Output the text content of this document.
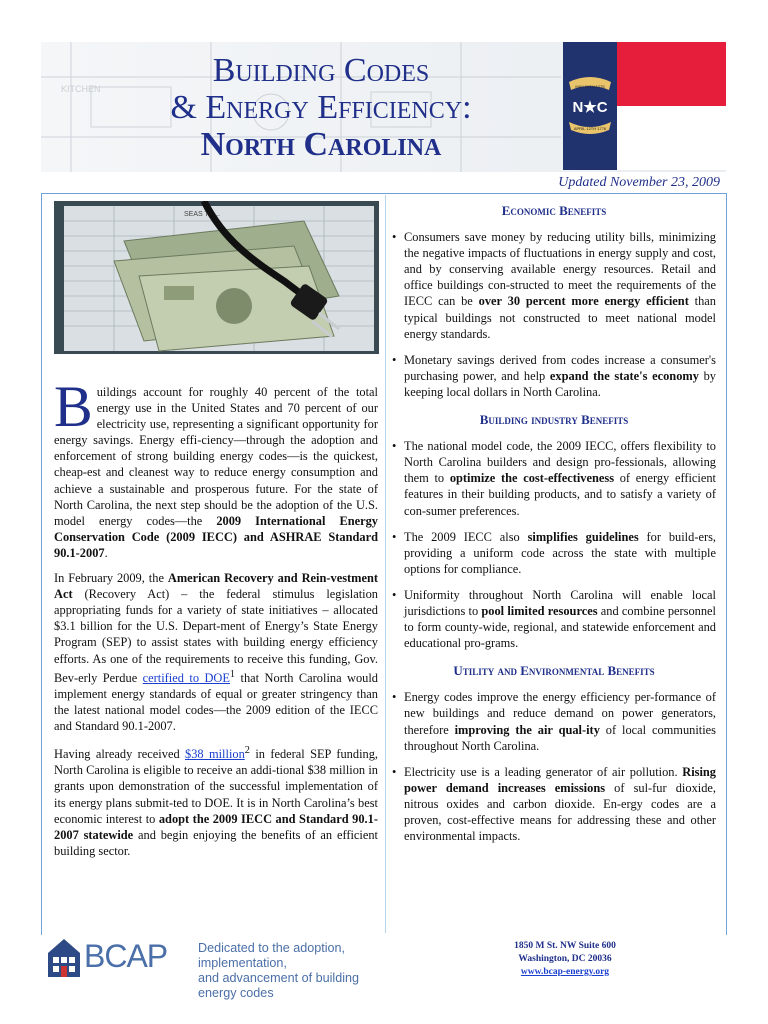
KITCHEN	Building Codes
& Energy Efficiency:
North Carolina
MAY 20TH 1775
N★C
APRIL 12TH 1776
Updated November 23, 2009
SEAS TO...

Buildings account for roughly 40 percent of the total energy use in the United States and 70 percent of our electricity use, representing a significant opportunity for energy savings. Energy effi-ciency—through the adoption and enforcement of strong building energy codes—is the quickest, cheap-est and cleanest way to reduce energy consumption and achieve a sustainable and prosperous future. For the state of North Carolina, the next step should be the adoption of the U.S. model energy codes—the 2009 International Energy Conservation Code (2009 IECC) and ASHRAE Standard 90.1-2007.

In February 2009, the American Recovery and Rein-vestment Act (Recovery Act) – the federal stimulus legislation appropriating funds for a variety of state initiatives – allocated $3.1 billion for the U.S. Depart-ment of Energy’s State Energy Program (SEP) to assist states with building energy efficiency efforts. As one of the requirements to receive this funding, Gov. Bev-erly Perdue certified to DOE$^1$ that North Carolina would implement energy standards of equal or greater stringency than the latest national model codes—the 2009 edition of the IECC and Standard 90.1-2007.

Having already received $38 million$^2$ in federal SEP funding, North Carolina is eligible to receive an addi-tional $38 million in grants upon demonstration of the successful implementation of its energy plans submit-ted to DOE. It is in North Carolina’s best economic interest to adopt the 2009 IECC and Standard 90.1-2007 statewide and begin enjoying the benefits of an efficient building sector.

Economic Benefits
• Consumers save money by reducing utility bills, minimizing the negative impacts of fluctuations in energy supply and cost, and by conserving available energy resources. Retail and office buildings con-structed to meet the requirements of the IECC can be over 30 percent more energy efficient than typical buildings not constructed to meet national model energy standards.
• Monetary savings derived from codes increase a consumer's purchasing power, and help expand the state's economy by keeping local dollars in North Carolina.
Building industry Benefits
• The national model code, the 2009 IECC, offers flexibility to North Carolina builders and design pro-fessionals, allowing them to optimize the cost-effectiveness of energy efficient features in their building products, and to satisfy a variety of con-sumer preferences.
• The 2009 IECC also simplifies guidelines for build-ers, providing a uniform code across the state with multiple options for compliance.
• Uniformity throughout North Carolina will enable local jurisdictions to pool limited resources and combine personnel to form county-wide, regional, and statewide enforcement and educational pro-grams.
Utility and Environmental Benefits
• Energy codes improve the energy efficiency per-formance of new buildings and reduce demand on power generators, therefore improving the air qual-ity of local communities throughout North Carolina.
• Electricity use is a leading generator of air pollution. Rising power demand increases emissions of sul-fur dioxide, nitrous oxides and carbon dioxide. En-ergy codes are a proven, cost-effective means for addressing these and other environmental impacts.
BCAP Dedicated to the adoption, implementation,
and advancement of building energy codes
1850 M St. NW Suite 600
Washington, DC 20036
www.bcap-energy.org
